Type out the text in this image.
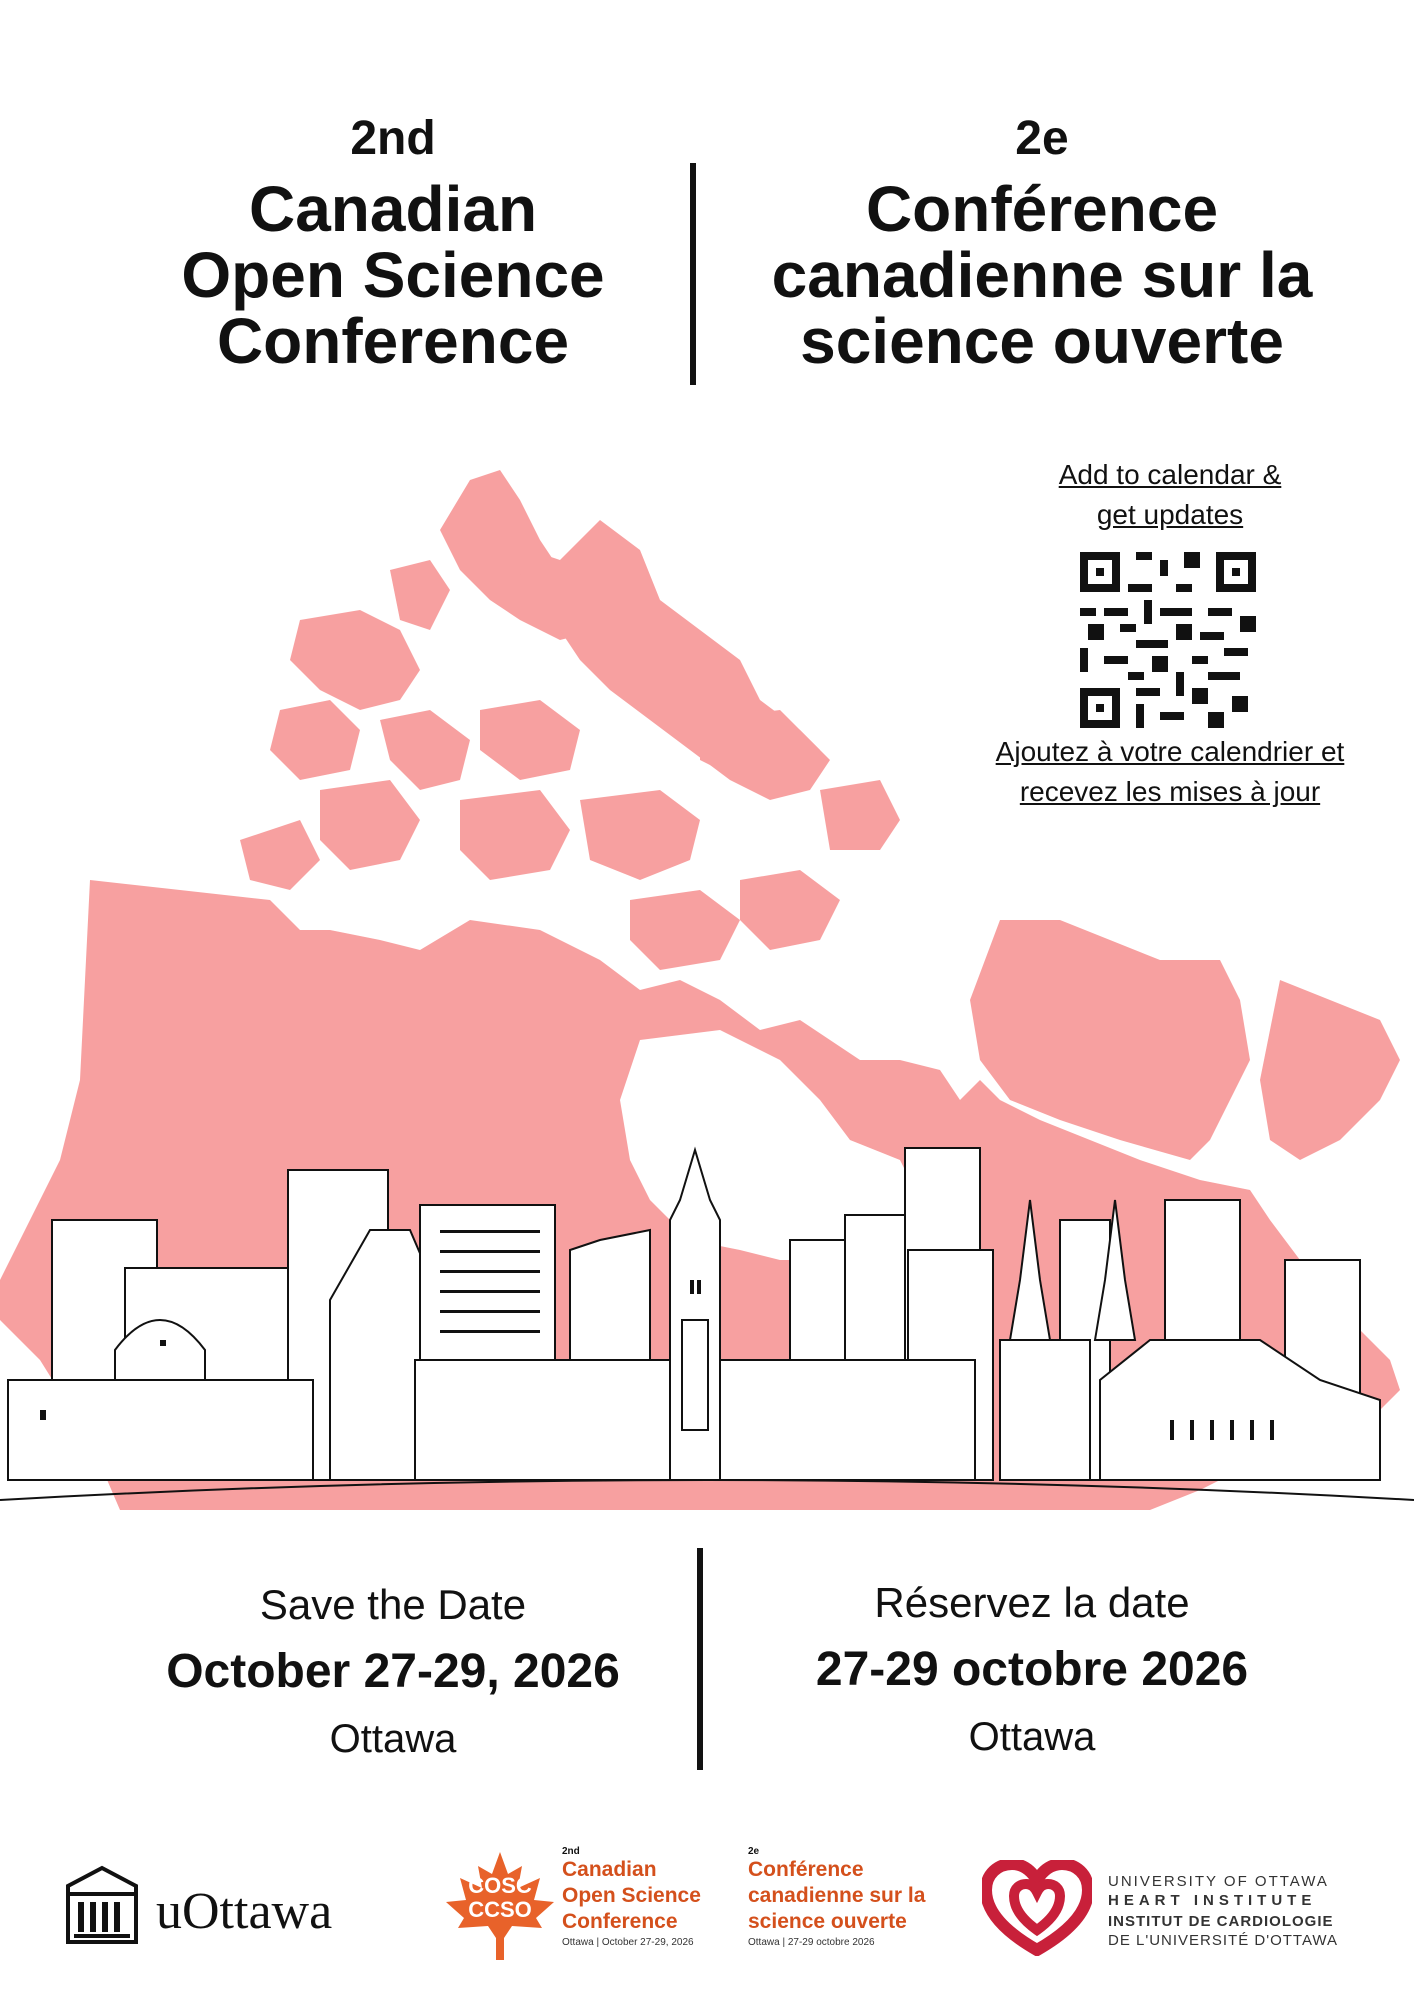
2nd
Canadian
Open Science
Conference
2e
Conférence
canadienne sur la
science ouverte
Add to calendar &
get updates
Ajoutez à votre calendrier et
recevez les mises à jour
Save the Date
October 27-29, 2026
Ottawa
Réservez la date
27-29 octobre 2026
Ottawa
uOttawa	COSC
CCSO
2nd
Canadian
Open Science
Conference
Ottawa | October 27-29, 2026
2e
Conférence
canadienne sur la
science ouverte
Ottawa | 27-29 octobre 2026
UNIVERSITY OF OTTAWA
HEART INSTITUTE
INSTITUT DE CARDIOLOGIE
DE L'UNIVERSITÉ D'OTTAWA
